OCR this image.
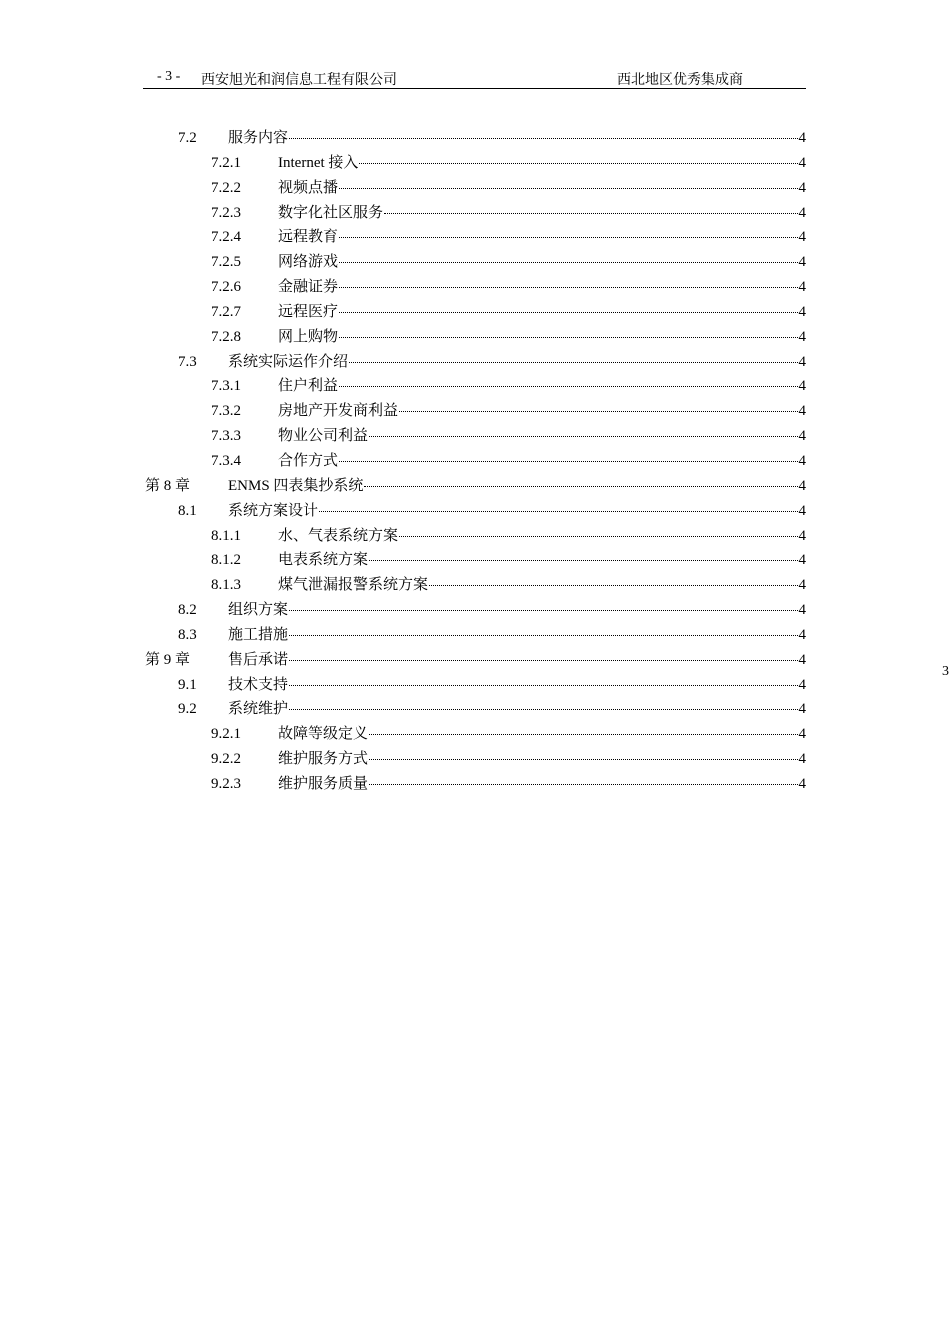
- 3 - 西安旭光和润信息工程有限公司	西北地区优秀集成商
7.2 服务内容	4
7.2.1 Internet 接入	4
7.2.2 视频点播	4
7.2.3 数字化社区服务	4
7.2.4 远程教育	4
7.2.5 网络游戏	4
7.2.6 金融证券	4
7.2.7 远程医疗	4
7.2.8 网上购物	4
7.3 系统实际运作介绍	4
7.3.1 住户利益	4
7.3.2 房地产开发商利益	4
7.3.3 物业公司利益	4
7.3.4 合作方式	4
第 8 章	ENMS 四表集抄系统	4
8.1 系统方案设计	4
8.1.1 水、气表系统方案	4
8.1.2 电表系统方案	4
8.1.3 煤气泄漏报警系统方案	4
8.2 组织方案	4
8.3 施工措施	4
第 9 章	售后承诺	4
9.1 技术支持	4
9.2 系统维护	4
9.2.1 故障等级定义	4
9.2.2 维护服务方式	4
9.2.3 维护服务质量	4
3
